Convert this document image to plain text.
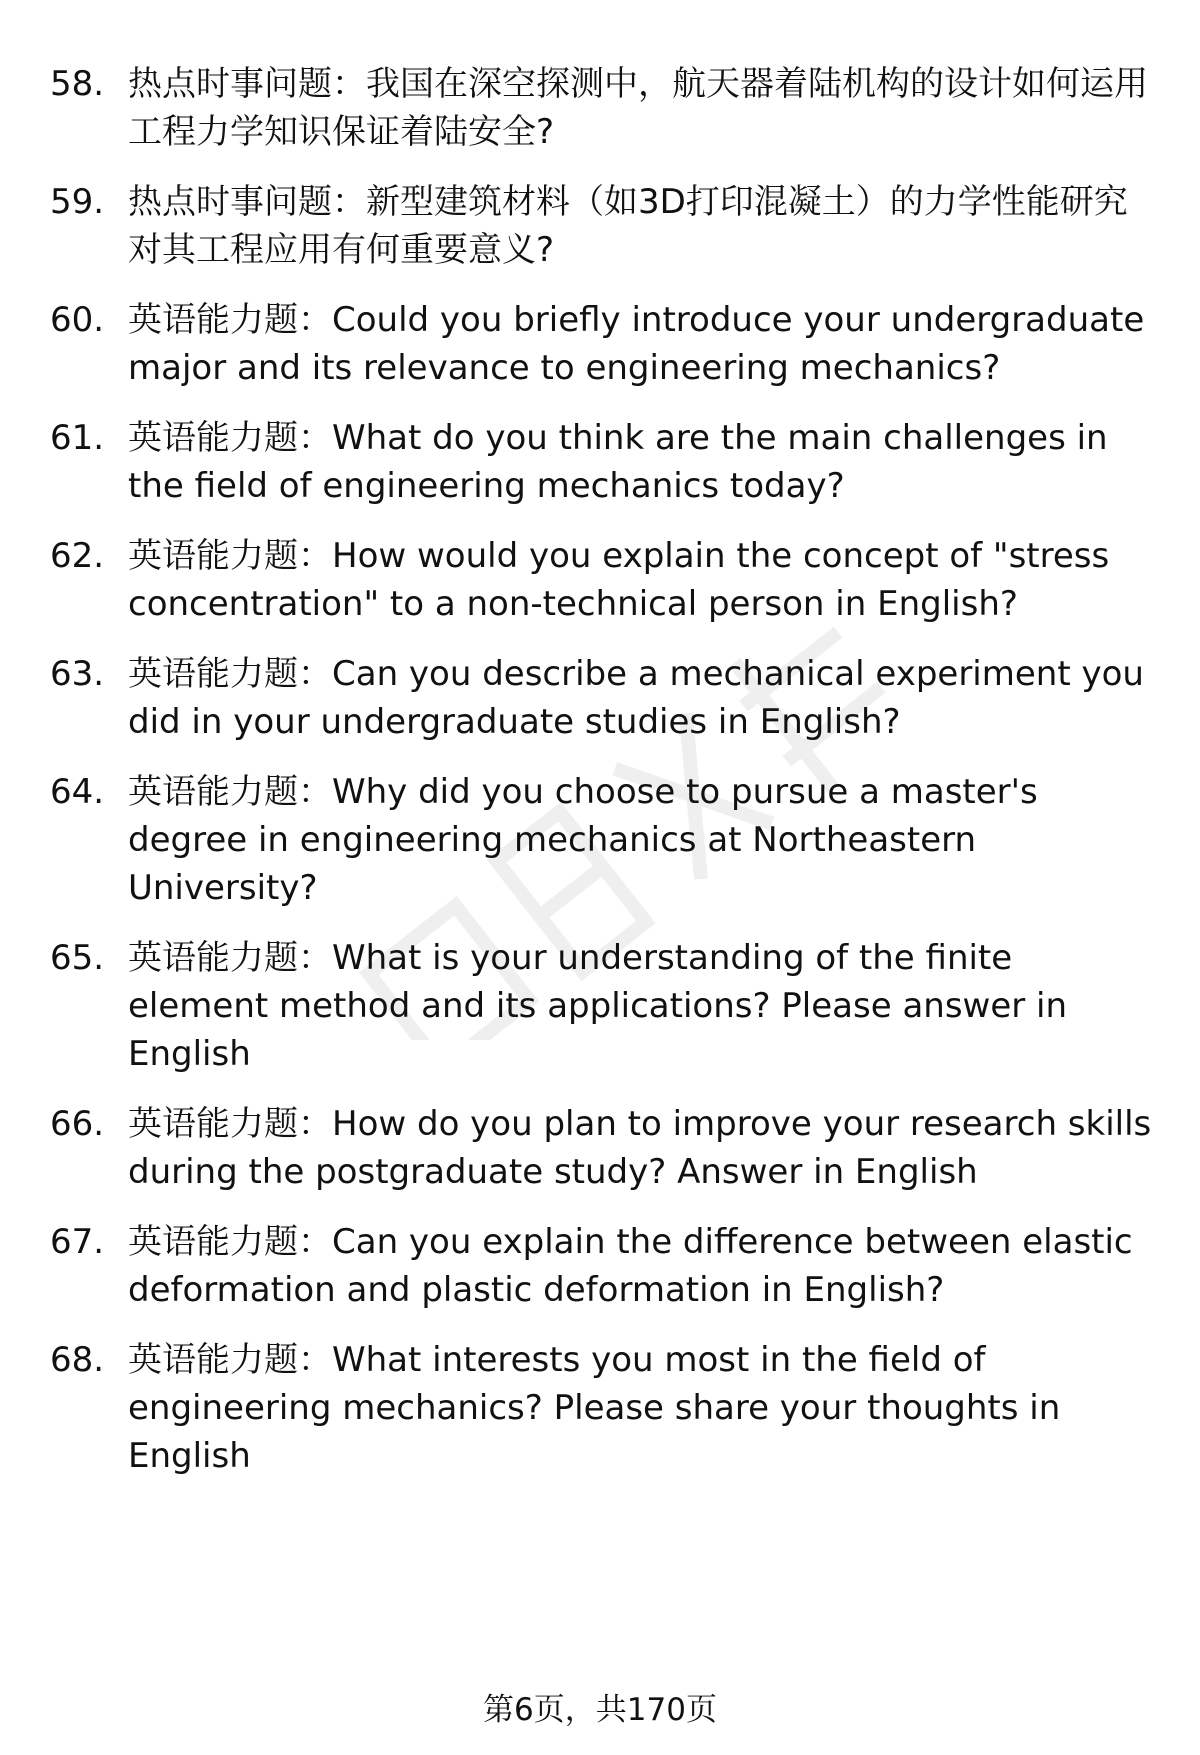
58. 热点时事问题：我国在深空探测中，航天器着陆机构的设计如何运用工程力学知识保证着陆安全?
59. 热点时事问题：新型建筑材料（如3D打印混凝土）的力学性能研究对其工程应用有何重要意义?
60. 英语能力题：Could you briefly introduce your undergraduate major and its relevance to engineering mechanics?
61. 英语能力题：What do you think are the main challenges in the field of engineering mechanics today?
62. 英语能力题：How would you explain the concept of "stress concentration" to a non-technical person in English?
63. 英语能力题：Can you describe a mechanical experiment you did in your undergraduate studies in English?
64. 英语能力题：Why did you choose to pursue a master's degree in engineering mechanics at Northeastern University?
65. 英语能力题：What is your understanding of the finite element method and its applications? Please answer in English
66. 英语能力题：How do you plan to improve your research skills during the postgraduate study? Answer in English
67. 英语能力题：Can you explain the difference between elastic deformation and plastic deformation in English?
68. 英语能力题：What interests you most in the field of engineering mechanics? Please share your thoughts in English
第6页，共170页
